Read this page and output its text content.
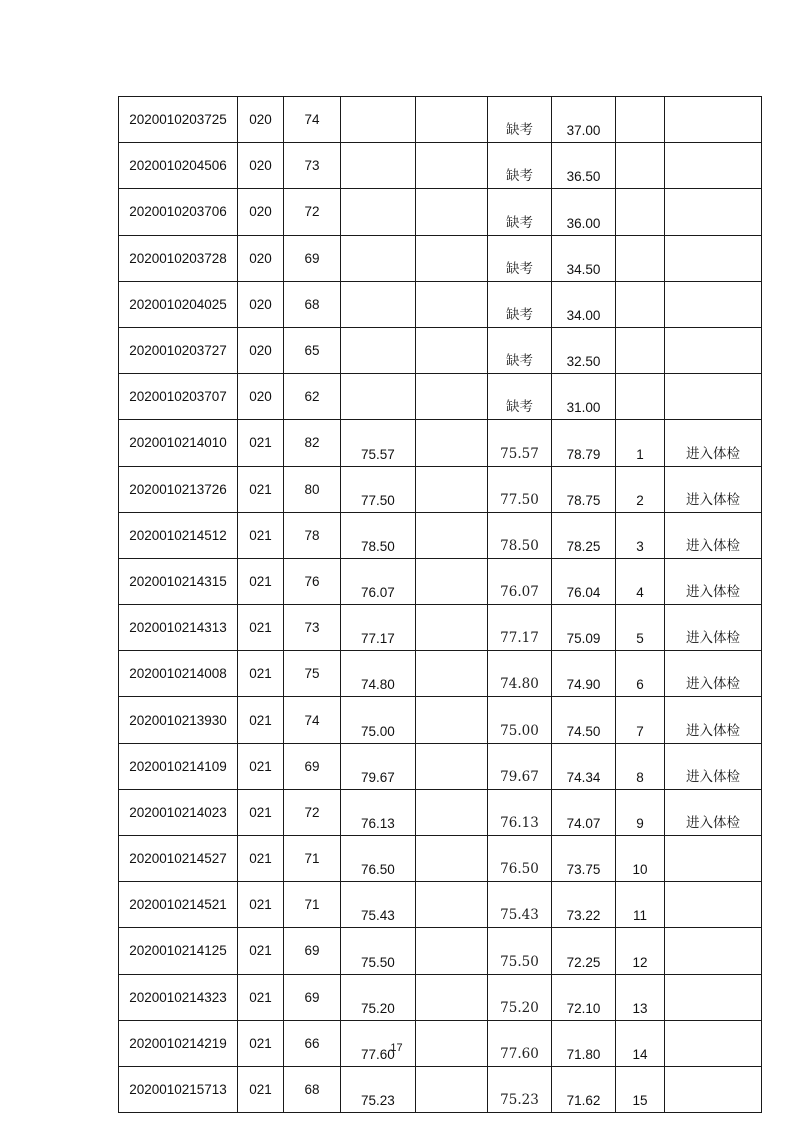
2020010203725	020	74			缺考	37.00		
2020010204506	020	73			缺考	36.50		
2020010203706	020	72			缺考	36.00		
2020010203728	020	69			缺考	34.50		
2020010204025	020	68			缺考	34.00		
2020010203727	020	65			缺考	32.50		
2020010203707	020	62			缺考	31.00		
2020010214010	021	82	75.57		75.57	78.79	1	进入体检
2020010213726	021	80	77.50		77.50	78.75	2	进入体检
2020010214512	021	78	78.50		78.50	78.25	3	进入体检
2020010214315	021	76	76.07		76.07	76.04	4	进入体检
2020010214313	021	73	77.17		77.17	75.09	5	进入体检
2020010214008	021	75	74.80		74.80	74.90	6	进入体检
2020010213930	021	74	75.00		75.00	74.50	7	进入体检
2020010214109	021	69	79.67		79.67	74.34	8	进入体检
2020010214023	021	72	76.13		76.13	74.07	9	进入体检
2020010214527	021	71	76.50		76.50	73.75	10	
2020010214521	021	71	75.43		75.43	73.22	11	
2020010214125	021	69	75.50		75.50	72.25	12	
2020010214323	021	69	75.20		75.20	72.10	13	
2020010214219	021	66	77.60		77.60	71.80	14	
2020010215713	021	68	75.23		75.23	71.62	15	
17
